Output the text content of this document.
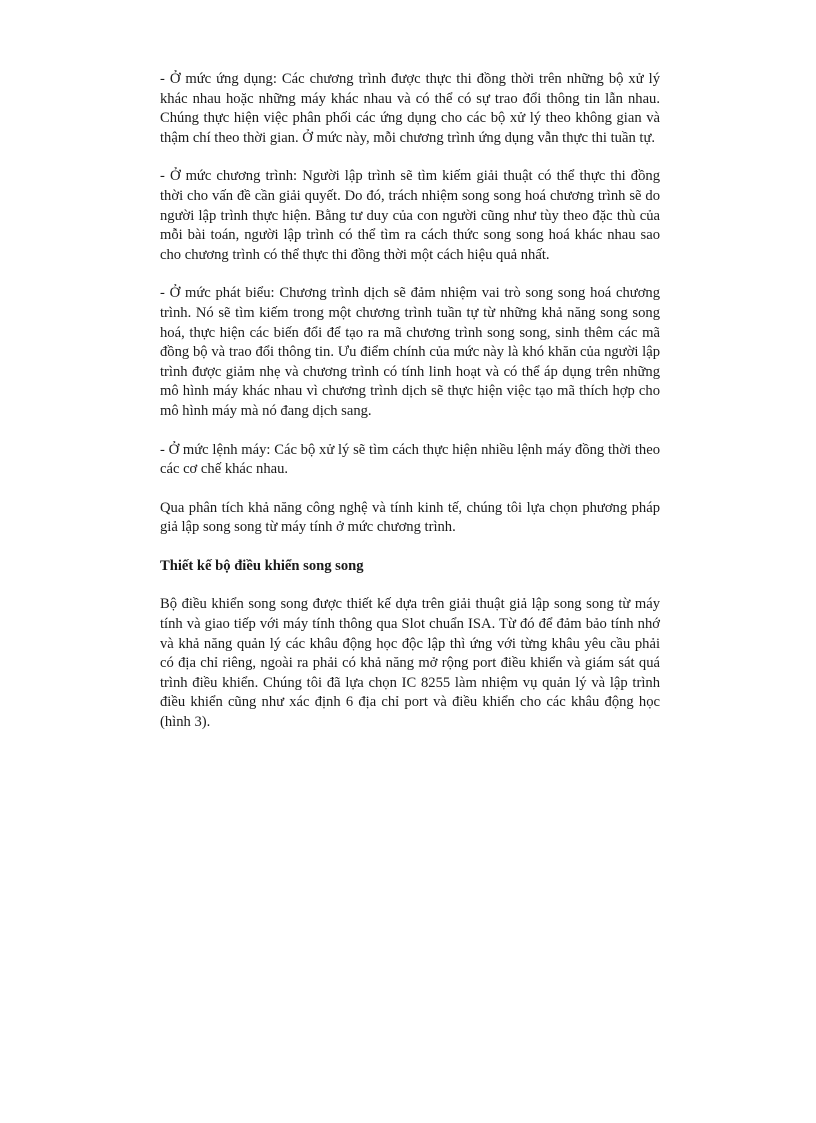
- Ở mức ứng dụng: Các chương trình được thực thi đồng thời trên những bộ xử lý khác nhau hoặc những máy khác nhau và có thể có sự trao đổi thông tin lẫn nhau. Chúng thực hiện việc phân phối các ứng dụng cho các bộ xử lý theo không gian và thậm chí theo thời gian. Ở mức này, mỗi chương trình ứng dụng vẫn thực thi tuần tự.

- Ở mức chương trình: Người lập trình sẽ tìm kiếm giải thuật có thể thực thi đồng thời cho vấn đề cần giải quyết. Do đó, trách nhiệm song song hoá chương trình sẽ do người lập trình thực hiện. Bằng tư duy của con người cũng như tùy theo đặc thù của mỗi bài toán, người lập trình có thể tìm ra cách thức song song hoá khác nhau sao cho chương trình có thể thực thi đồng thời một cách hiệu quả nhất.

- Ở mức phát biểu: Chương trình dịch sẽ đảm nhiệm vai trò song song hoá chương trình. Nó sẽ tìm kiếm trong một chương trình tuần tự từ những khả năng song song hoá, thực hiện các biến đổi để tạo ra mã chương trình song song, sinh thêm các mã đồng bộ và trao đổi thông tin. Ưu điểm chính của mức này là khó khăn của người lập trình được giảm nhẹ và chương trình có tính linh hoạt và có thể áp dụng trên những mô hình máy khác nhau vì chương trình dịch sẽ thực hiện việc tạo mã thích hợp cho mô hình máy mà nó đang dịch sang.

- Ở mức lệnh máy: Các bộ xử lý sẽ tìm cách thực hiện nhiều lệnh máy đồng thời theo các cơ chế khác nhau.

Qua phân tích khả năng công nghệ và tính kinh tế, chúng tôi lựa chọn phương pháp giả lập song song từ máy tính ở mức chương trình.

Thiết kế bộ điều khiển song song

Bộ điều khiển song song được thiết kế dựa trên giải thuật giả lập song song từ máy tính và giao tiếp với máy tính thông qua Slot chuẩn ISA. Từ đó để đảm bảo tính nhớ và khả năng quản lý các khâu động học độc lập thì ứng với từng khâu yêu cầu phải có địa chỉ riêng, ngoài ra phải có khả năng mở rộng port điều khiển và giám sát quá trình điều khiển. Chúng tôi đã lựa chọn IC 8255 làm nhiệm vụ quản lý và lập trình điều khiển cũng như xác định 6 địa chỉ port và điều khiển cho các khâu động học (hình 3).
